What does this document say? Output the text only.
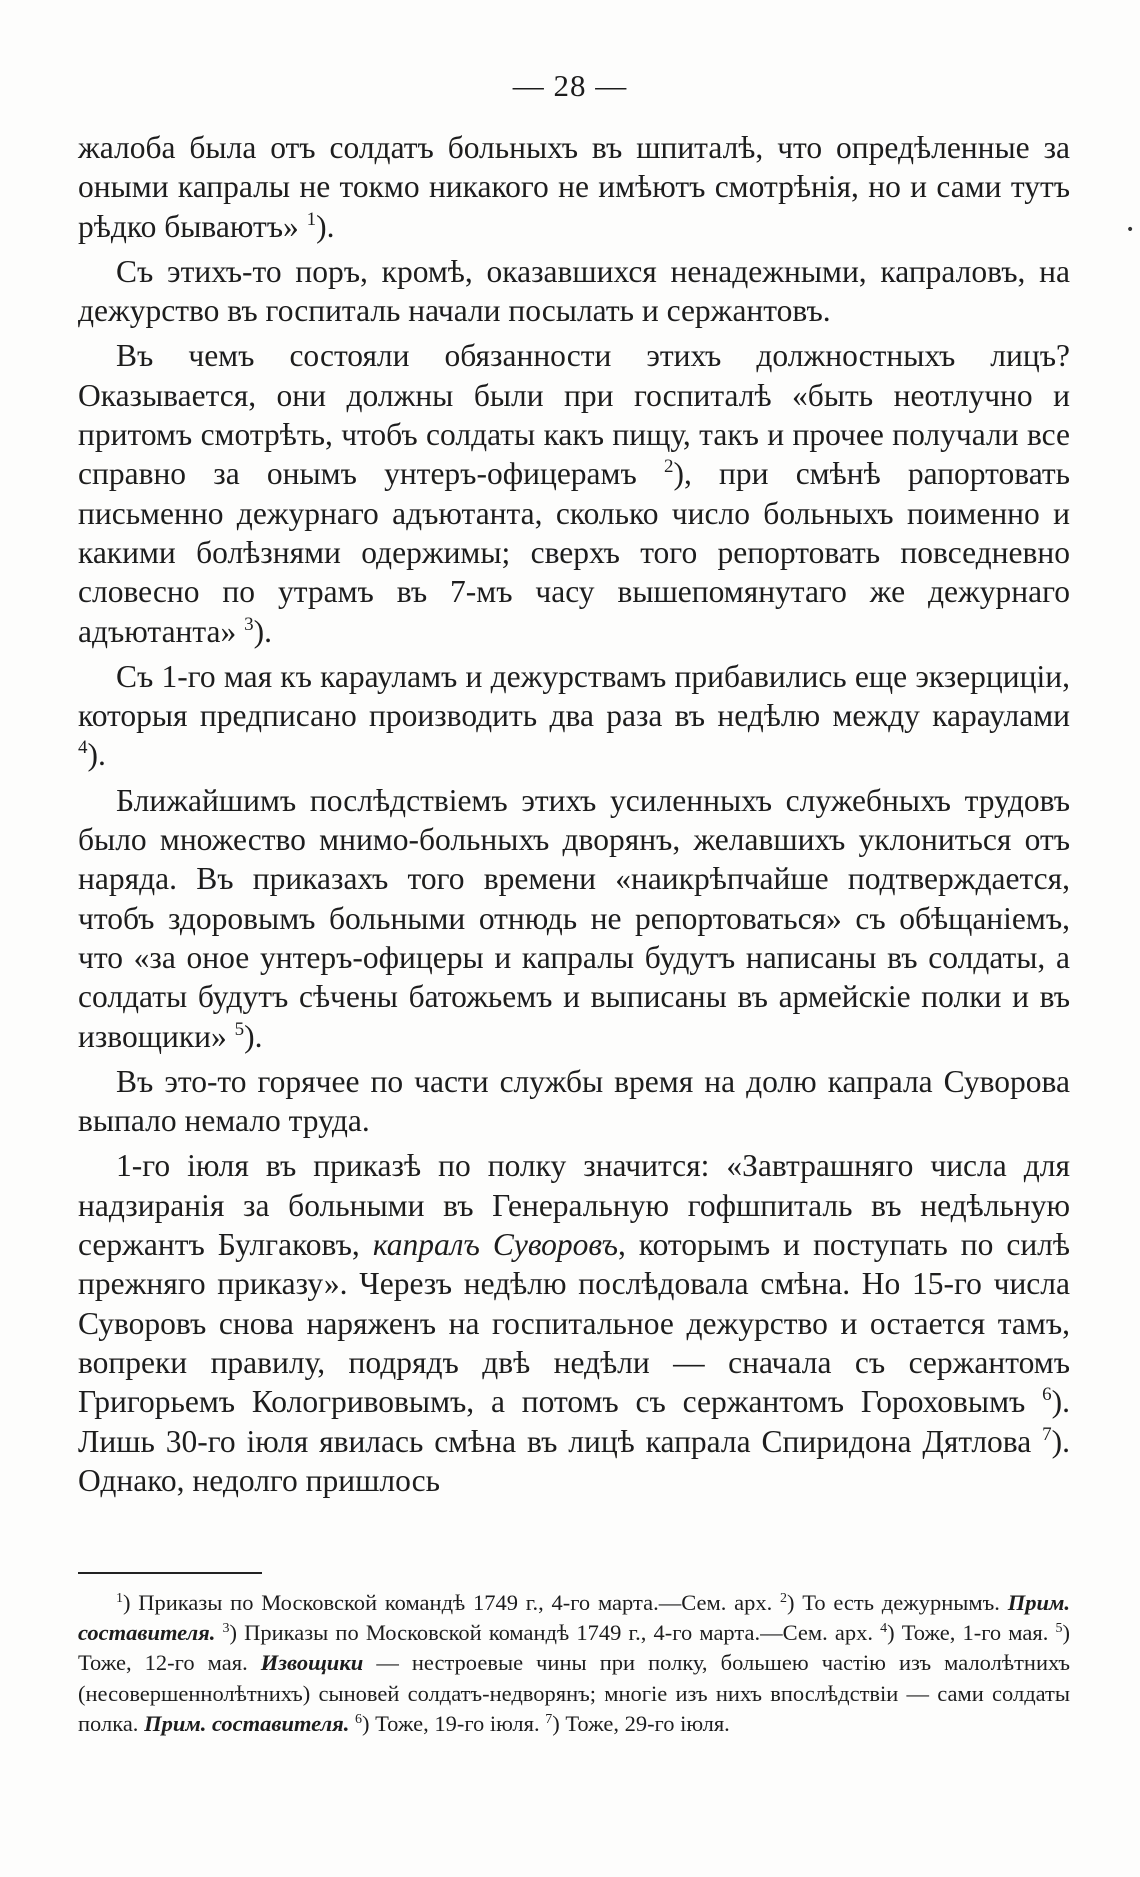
— 28 —

жалоба была отъ солдатъ больныхъ въ шпиталѣ, что опредѣленные за оными капралы не токмо никакого не имѣютъ смотрѣнія, но и сами тутъ рѣдко бываютъ» $^1$).

Съ этихъ-то поръ, кромѣ, оказавшихся ненадежными, капраловъ, на дежурство въ госпиталь начали посылать и сержантовъ.

Въ чемъ состояли обязанности этихъ должностныхъ лицъ? Оказывается, они должны были при госпиталѣ «быть неотлучно и притомъ смотрѣть, чтобъ солдаты какъ пищу, такъ и прочее получали все справно за онымъ унтеръ-офицерамъ $^2$), при смѣнѣ рапортовать письменно дежурнаго адъютанта, сколько число больныхъ поименно и какими болѣзнями одержимы; сверхъ того репортовать повседневно словесно по утрамъ въ 7-мъ часу вышепомянутаго же дежурнаго адъютанта» $^3$).

Съ 1-го мая къ карауламъ и дежурствамъ прибавились еще экзерциціи, которыя предписано производить два раза въ недѣлю между караулами $^4$).

Ближайшимъ послѣдствіемъ этихъ усиленныхъ служебныхъ трудовъ было множество мнимо-больныхъ дворянъ, желавшихъ уклониться отъ наряда. Въ приказахъ того времени «наикрѣпчайше подтверждается, чтобъ здоровымъ больными отнюдь не репортоваться» съ обѣщаніемъ, что «за оное унтеръ-офицеры и капралы будутъ написаны въ солдаты, а солдаты будутъ сѣчены батожьемъ и выписаны въ армейскіе полки и въ извощики» $^5$).

Въ это-то горячее по части службы время на долю капрала Суворова выпало немало труда.

1-го іюля въ приказѣ по полку значится: «Завтрашняго числа для надзиранія за больными въ Генеральную гофшпиталь въ недѣльную сержантъ Булгаковъ, капралъ Суворовъ, которымъ и поступать по силѣ прежняго приказу». Черезъ недѣлю послѣдовала смѣна. Но 15-го числа Суворовъ снова наряженъ на госпитальное дежурство и остается тамъ, вопреки правилу, подрядъ двѣ недѣли — сначала съ сержантомъ Григорьемъ Кологривовымъ, а потомъ съ сержантомъ Гороховымъ $^6$). Лишь 30-го іюля явилась смѣна въ лицѣ капрала Спиридона Дятлова $^7$). Однако, недолго пришлось

•

$^1$) Приказы по Московской командѣ 1749 г., 4-го марта.—Сем. арх. $^2$) То есть дежурнымъ. Прим. составителя. $^3$) Приказы по Московской командѣ 1749 г., 4-го марта.—Сем. арх. $^4$) Тоже, 1-го мая. $^5$) Тоже, 12-го мая. Извощики — нестроевые чины при полку, большею частію изъ малолѣтнихъ (несовершеннолѣтнихъ) сыновей солдатъ-недворянъ; многіе изъ нихъ впослѣдствіи — сами солдаты полка. Прим. составителя. $^6$) Тоже, 19-го іюля. $^7$) Тоже, 29-го іюля.
